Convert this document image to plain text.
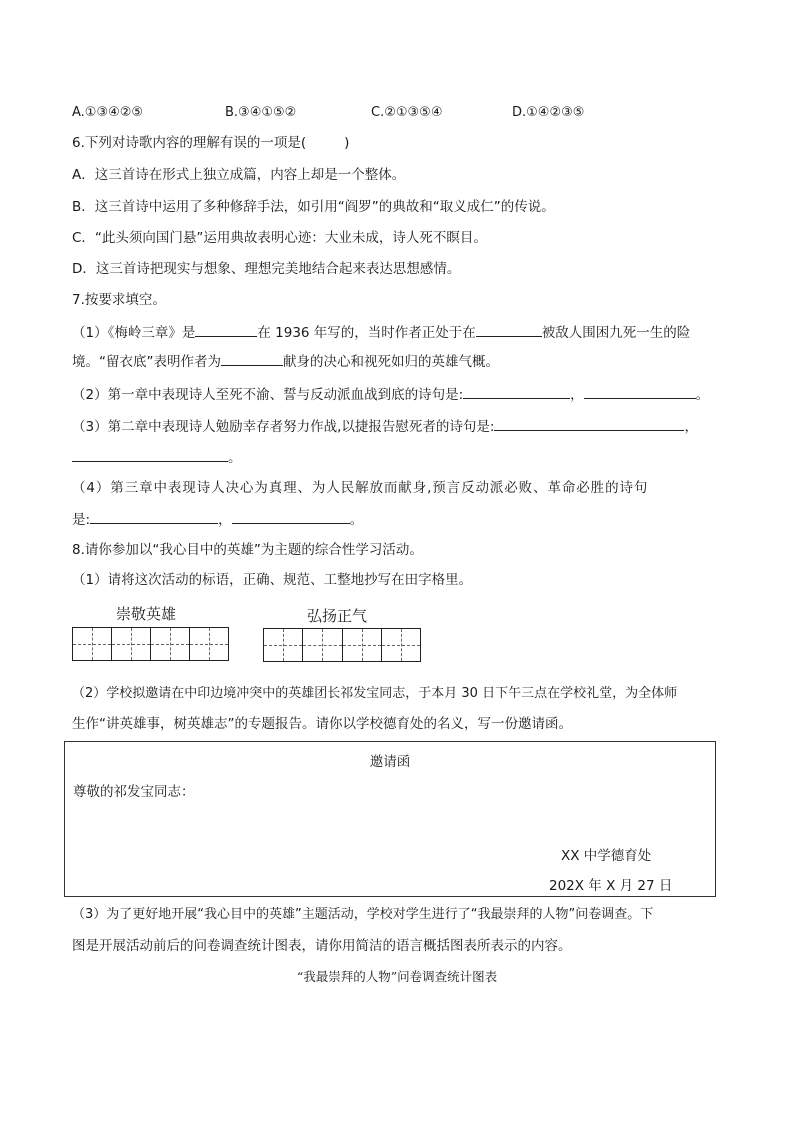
A.①③④②⑤	B.③④①⑤②	C.②①③⑤④	D.①④②③⑤
6.下列对诗歌内容的理解有误的一项是(	)
A．这三首诗在形式上独立成篇，内容上却是一个整体。
B．这三首诗中运用了多种修辞手法，如引用“阎罗”的典故和“取义成仁”的传说。
C．“此头须向国门悬”运用典故表明心迹：大业未成，诗人死不瞑目。
D．这三首诗把现实与想象、理想完美地结合起来表达思想感情。
7.按要求填空。
（1）《梅岭三章》是	在 1936 年写的，当时作者正处于在	被敌人围困九死一生的险
境。“留衣底”表明作者为	献身的决心和视死如归的英雄气概。
（2）第一章中表现诗人至死不渝、誓与反动派血战到底的诗句是:	，	。
（3）第二章中表现诗人勉励幸存者努力作战,以捷报告慰死者的诗句是:	，
。
（4）第三章中表现诗人决心为真理、为人民解放而献身,预言反动派必败、革命必胜的诗句
是:	，	。
8.请你参加以“我心目中的英雄”为主题的综合性学习活动。
（1）请将这次活动的标语，正确、规范、工整地抄写在田字格里。
崇敬英雄	弘扬正气
（2）学校拟邀请在中印边境冲突中的英雄团长祁发宝同志，于本月 30 日下午三点在学校礼堂，为全体师
生作“讲英雄事，树英雄志”的专题报告。请你以学校德育处的名义，写一份邀请函。
邀请函
尊敬的祁发宝同志：
XX 中学德育处
202X 年 X 月 27 日
（3）为了更好地开展“我心目中的英雄”主题活动，学校对学生进行了“我最崇拜的人物”问卷调查。下
图是开展活动前后的问卷调查统计图表，请你用简洁的语言概括图表所表示的内容。
“我最崇拜的人物”问卷调查统计图表
